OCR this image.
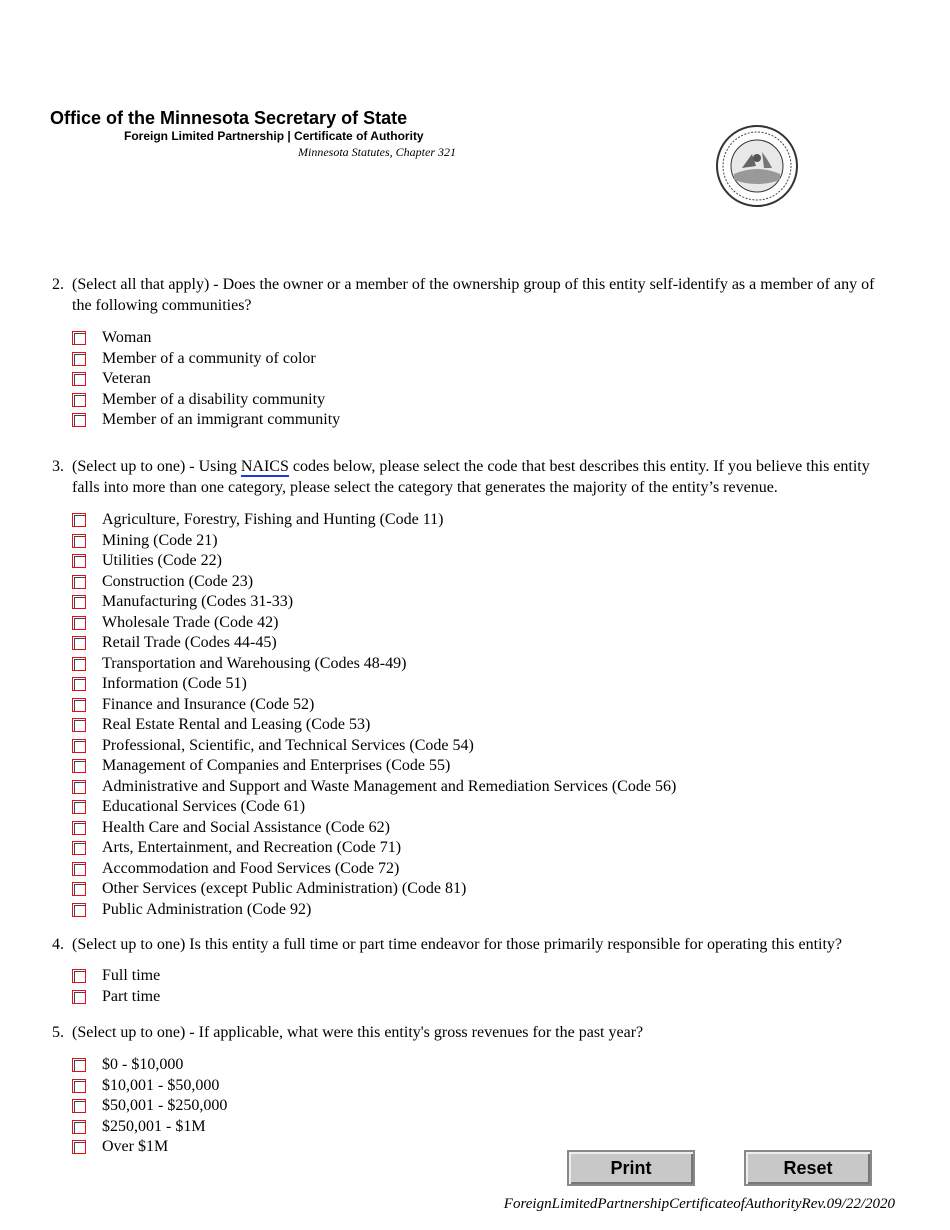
Office of the Minnesota Secretary of State
Foreign Limited Partnership | Certificate of Authority
Minnesota Statutes, Chapter 321
2. (Select all that apply) - Does the owner or a member of the ownership group of this entity self-identify as a member of any of the following communities?
Woman
Member of a community of color
Veteran
Member of a disability community
Member of an immigrant community
3. (Select up to one) - Using NAICS codes below, please select the code that best describes this entity. If you believe this entity falls into more than one category, please select the category that generates the majority of the entity’s revenue.
Agriculture, Forestry, Fishing and Hunting (Code 11)
Mining (Code 21)
Utilities (Code 22)
Construction (Code 23)
Manufacturing (Codes 31-33)
Wholesale Trade (Code 42)
Retail Trade (Codes 44-45)
Transportation and Warehousing (Codes 48-49)
Information (Code 51)
Finance and Insurance (Code 52)
Real Estate Rental and Leasing (Code 53)
Professional, Scientific, and Technical Services (Code 54)
Management of Companies and Enterprises (Code 55)
Administrative and Support and Waste Management and Remediation Services (Code 56)
Educational Services (Code 61)
Health Care and Social Assistance (Code 62)
Arts, Entertainment, and Recreation (Code 71)
Accommodation and Food Services (Code 72)
Other Services (except Public Administration) (Code 81)
Public Administration (Code 92)
4. (Select up to one) Is this entity a full time or part time endeavor for those primarily responsible for operating this entity?
Full time
Part time
5. (Select up to one) - If applicable, what were this entity's gross revenues for the past year?
$0 - $10,000
$10,001 - $50,000
$50,001 - $250,000
$250,001 - $1M
Over $1M
Print	Reset
ForeignLimitedPartnershipCertificateofAuthorityRev.09/22/2020
